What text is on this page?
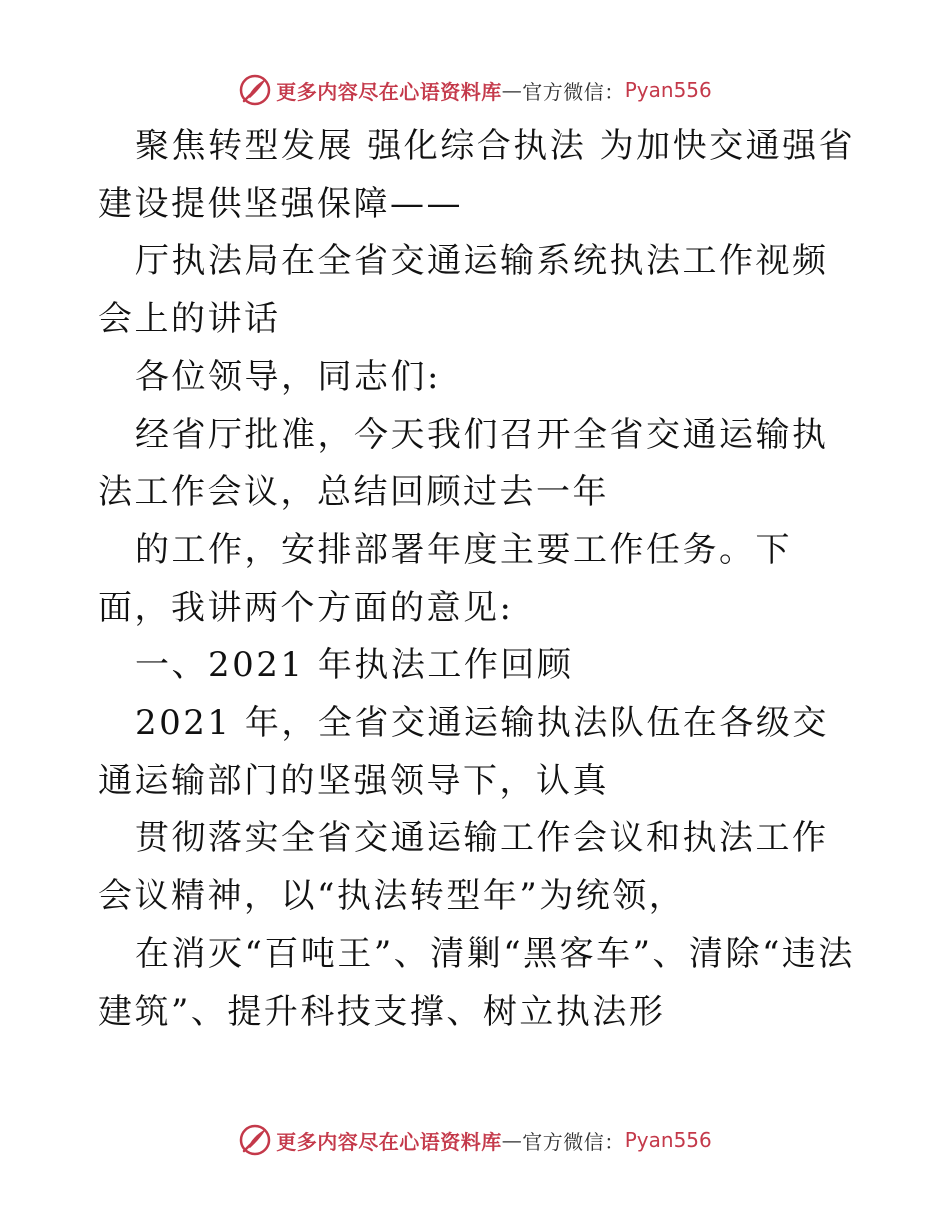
更多内容尽在心语资料库 — 官方微信： Pyan556

聚焦转型发展 强化综合执法 为加快交通强省建设提供坚强保障——

厅执法局在全省交通运输系统执法工作视频会上的讲话

各位领导，同志们:

经省厅批准，今天我们召开全省交通运输执法工作会议，总结回顾过去一年

的工作，安排部署年度主要工作任务。下面，我讲两个方面的意见:

一、2021 年执法工作回顾

2021 年，全省交通运输执法队伍在各级交通运输部门的坚强领导下，认真

贯彻落实全省交通运输工作会议和执法工作会议精神，以“执法转型年”为统领，

在消灭“百吨王”、清剿“黑客车”、清除“违法建筑”、提升科技支撑、树立执法形

更多内容尽在心语资料库 — 官方微信： Pyan556
